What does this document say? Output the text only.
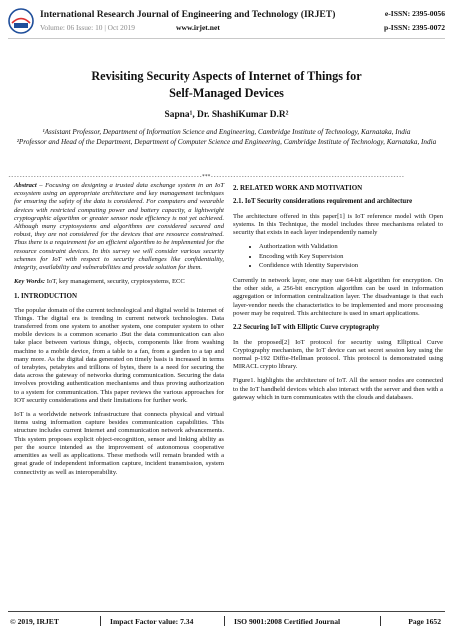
International Research Journal of Engineering and Technology (IRJET)
Volume: 06 Issue: 10 | Oct 2019	www.irjet.net
e-ISSN: 2395-0056
p-ISSN: 2395-0072
Revisiting Security Aspects of Internet of Things for
Self-Managed Devices
Sapna¹, Dr. ShashiKumar D.R²
¹Assistant Professor, Department of Information Science and Engineering, Cambridge Institute of Technology, Karnataka, India
²Professor and Head of the Department, Department of Computer Science and Engineering, Cambridge Institute of Technology, Karnataka, India
---------------------------------------------------------------------***---------------------------------------------------------------------

Abstract – Focusing on designing a trusted data exchange system in an IoT ecosystem using an appropriate architecture and key management techniques for ensuring the safety of the data is considered. For computers and wearable devices with restricted computing power and battery capacity, a lightweight cryptographic algorithm or greater sensor node efficiency is not yet achieved. Although many cryptosystems and algorithms are considered secured and robust, they are not considered for the devices that are resource constrained. Thus there is a requirement for an efficient algorithm to be implemented for the resource constraint devices. In this survey we will consider various security schemes for IoT with respect to security challenges like confidentiality, integrity, availability and vulnerabilities and provide solution for them.

Key Words: IoT, key management, security, cryptosystems, ECC

1. INTRODUCTION

The popular domain of the current technological and digital world is Internet of Things. The digital era is trending in current network technologies. Data transferred from one system to another system, one computer system to other mobile devices is a common scenario .But the data communication can also take place between various things, objects, components like from washing machine to a mobile device, from a table to a fan, from a garden to a tap and many more. As the digital data generated on timely basis is increased in terms of terabytes, petabytes and trillions of bytes, there is a need for securing the data across the gateway of networks during communication. Securing the data involves providing authentication mechanisms and thus proving authorization to a system for communication. This paper reviews the various approaches for IOT security considerations and their limitations for further work.

IoT is a worldwide network infrastructure that connects physical and virtual items using information capture besides communication capabilities. This structure includes current Internet and communication network advancements. This system proposes explicit object-recognition, sensor and linking ability as per the source intended as the improvement of autonomous cooperative amenities as well as applications. These methods will remain branded with a great grade of independent information capture, incident transmission, system connectivity as well as interoperability.

2. RELATED WORK AND MOTIVATION
2.1. IoT Security considerations requirement and architecture

The architecture offered in this paper[1] is IoT reference model with Open systems. In this Technique, the model includes three mechanisms related to security that exists in each layer independently namely

• Authorization with Validation
• Encoding with Key Supervision
• Confidence with Identity Supervision

Currently in network layer, one may use 64-bit algorithm for encryption. On the other side, a 256-bit encryption algorithm can be used in information aggregation or information centralization layer. The disadvantage is that each layer-vendor needs the characteristics to be implemented and more processing power may be required. This architecture is used in smart applications.

2.2 Securing IoT with Elliptic Curve cryptography

In the proposed[2] IoT protocol for security using Elliptical Curve Cryptography mechanism, the IoT device can set secret session key using the normal p-192 Diffie-Hellman protocol. This protocol is demonstrated using MIRACL crypto library.

Figure1. highlights the architecture of IoT. All the sensor nodes are connected to the IoT handheld devices which also interact with the server and then with a gateway which in turn communicates with the clouds and databases.

© 2019, IRJET	Impact Factor value: 7.34	ISO 9001:2008 Certified Journal	Page 1652
